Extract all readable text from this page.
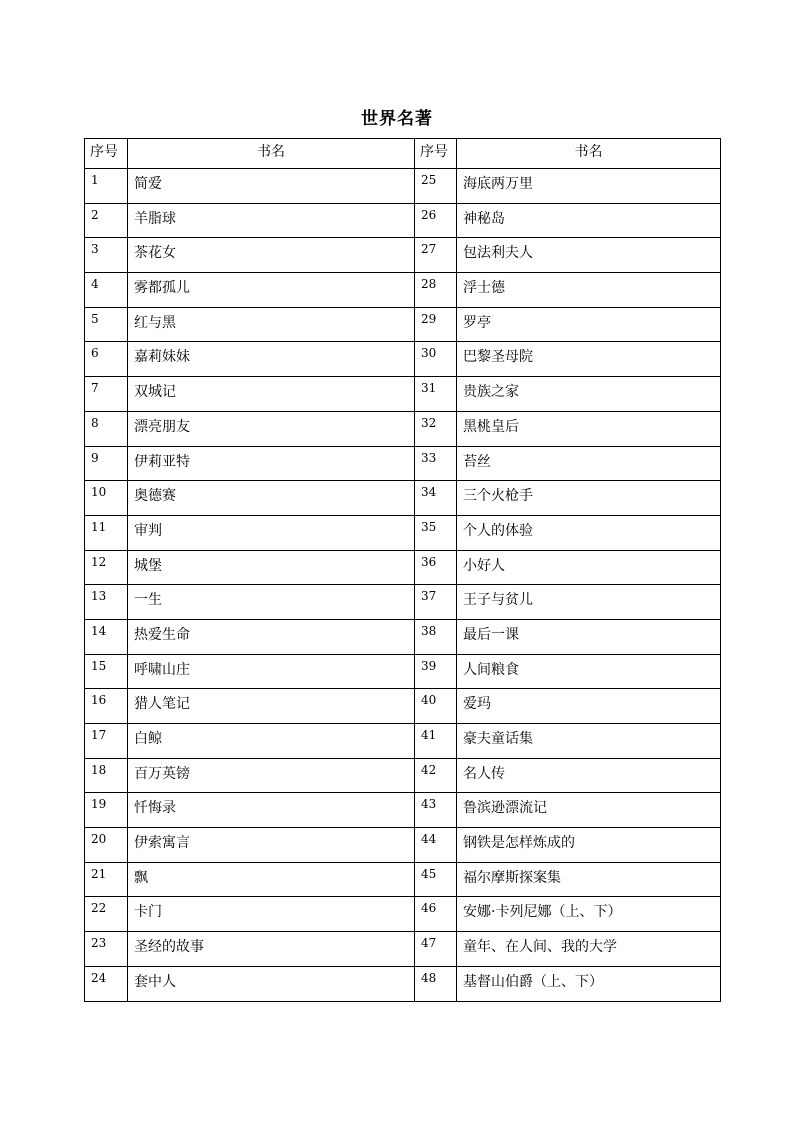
世界名著
序号	书名	序号	书名
1	简爱	25	海底两万里
2	羊脂球	26	神秘岛
3	茶花女	27	包法利夫人
4	雾都孤儿	28	浮士德
5	红与黑	29	罗亭
6	嘉莉妹妹	30	巴黎圣母院
7	双城记	31	贵族之家
8	漂亮朋友	32	黑桃皇后
9	伊莉亚特	33	苔丝
10	奥德赛	34	三个火枪手
11	审判	35	个人的体验
12	城堡	36	小好人
13	一生	37	王子与贫儿
14	热爱生命	38	最后一课
15	呼啸山庄	39	人间粮食
16	猎人笔记	40	爱玛
17	白鲸	41	豪夫童话集
18	百万英镑	42	名人传
19	忏悔录	43	鲁滨逊漂流记
20	伊索寓言	44	钢铁是怎样炼成的
21	飘	45	福尔摩斯探案集
22	卡门	46	安娜·卡列尼娜（上、下）
23	圣经的故事	47	童年、在人间、我的大学
24	套中人	48	基督山伯爵（上、下）
